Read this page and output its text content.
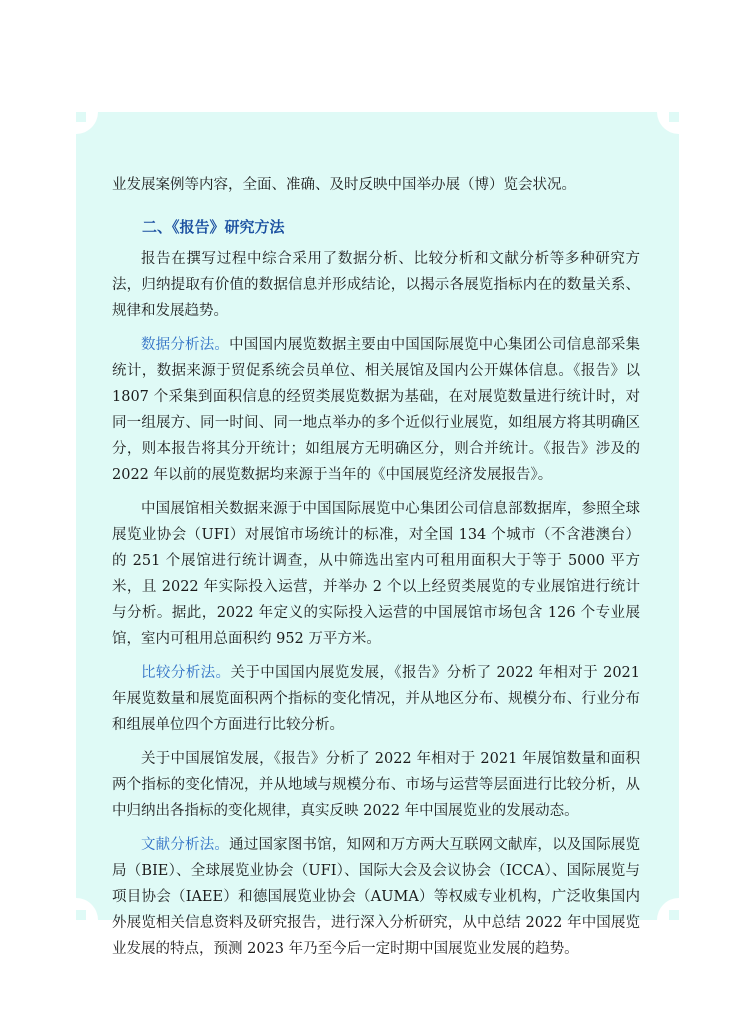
业发展案例等内容，全面、准确、及时反映中国举办展（博）览会状况。

二、《报告》研究方法

报告在撰写过程中综合采用了数据分析、比较分析和文献分析等多种研究方法，归纳提取有价值的数据信息并形成结论，以揭示各展览指标内在的数量关系、规律和发展趋势。

数据分析法。中国国内展览数据主要由中国国际展览中心集团公司信息部采集统计，数据来源于贸促系统会员单位、相关展馆及国内公开媒体信息。《报告》以 1807 个采集到面积信息的经贸类展览数据为基础，在对展览数量进行统计时，对同一组展方、同一时间、同一地点举办的多个近似行业展览，如组展方将其明确区分，则本报告将其分开统计；如组展方无明确区分，则合并统计。《报告》涉及的 2022 年以前的展览数据均来源于当年的《中国展览经济发展报告》。

中国展馆相关数据来源于中国国际展览中心集团公司信息部数据库，参照全球展览业协会（UFI）对展馆市场统计的标准，对全国 134 个城市（不含港澳台）的 251 个展馆进行统计调查，从中筛选出室内可租用面积大于等于 5000 平方米，且 2022 年实际投入运营，并举办 2 个以上经贸类展览的专业展馆进行统计与分析。据此，2022 年定义的实际投入运营的中国展馆市场包含 126 个专业展馆，室内可租用总面积约 952 万平方米。

比较分析法。关于中国国内展览发展，《报告》分析了 2022 年相对于 2021 年展览数量和展览面积两个指标的变化情况，并从地区分布、规模分布、行业分布和组展单位四个方面进行比较分析。

关于中国展馆发展，《报告》分析了 2022 年相对于 2021 年展馆数量和面积两个指标的变化情况，并从地域与规模分布、市场与运营等层面进行比较分析，从中归纳出各指标的变化规律，真实反映 2022 年中国展览业的发展动态。

文献分析法。通过国家图书馆，知网和万方两大互联网文献库，以及国际展览局（BIE）、全球展览业协会（UFI）、国际大会及会议协会（ICCA）、国际展览与项目协会（IAEE）和德国展览业协会（AUMA）等权威专业机构，广泛收集国内外展览相关信息资料及研究报告，进行深入分析研究，从中总结 2022 年中国展览业发展的特点，预测 2023 年乃至今后一定时期中国展览业发展的趋势。
